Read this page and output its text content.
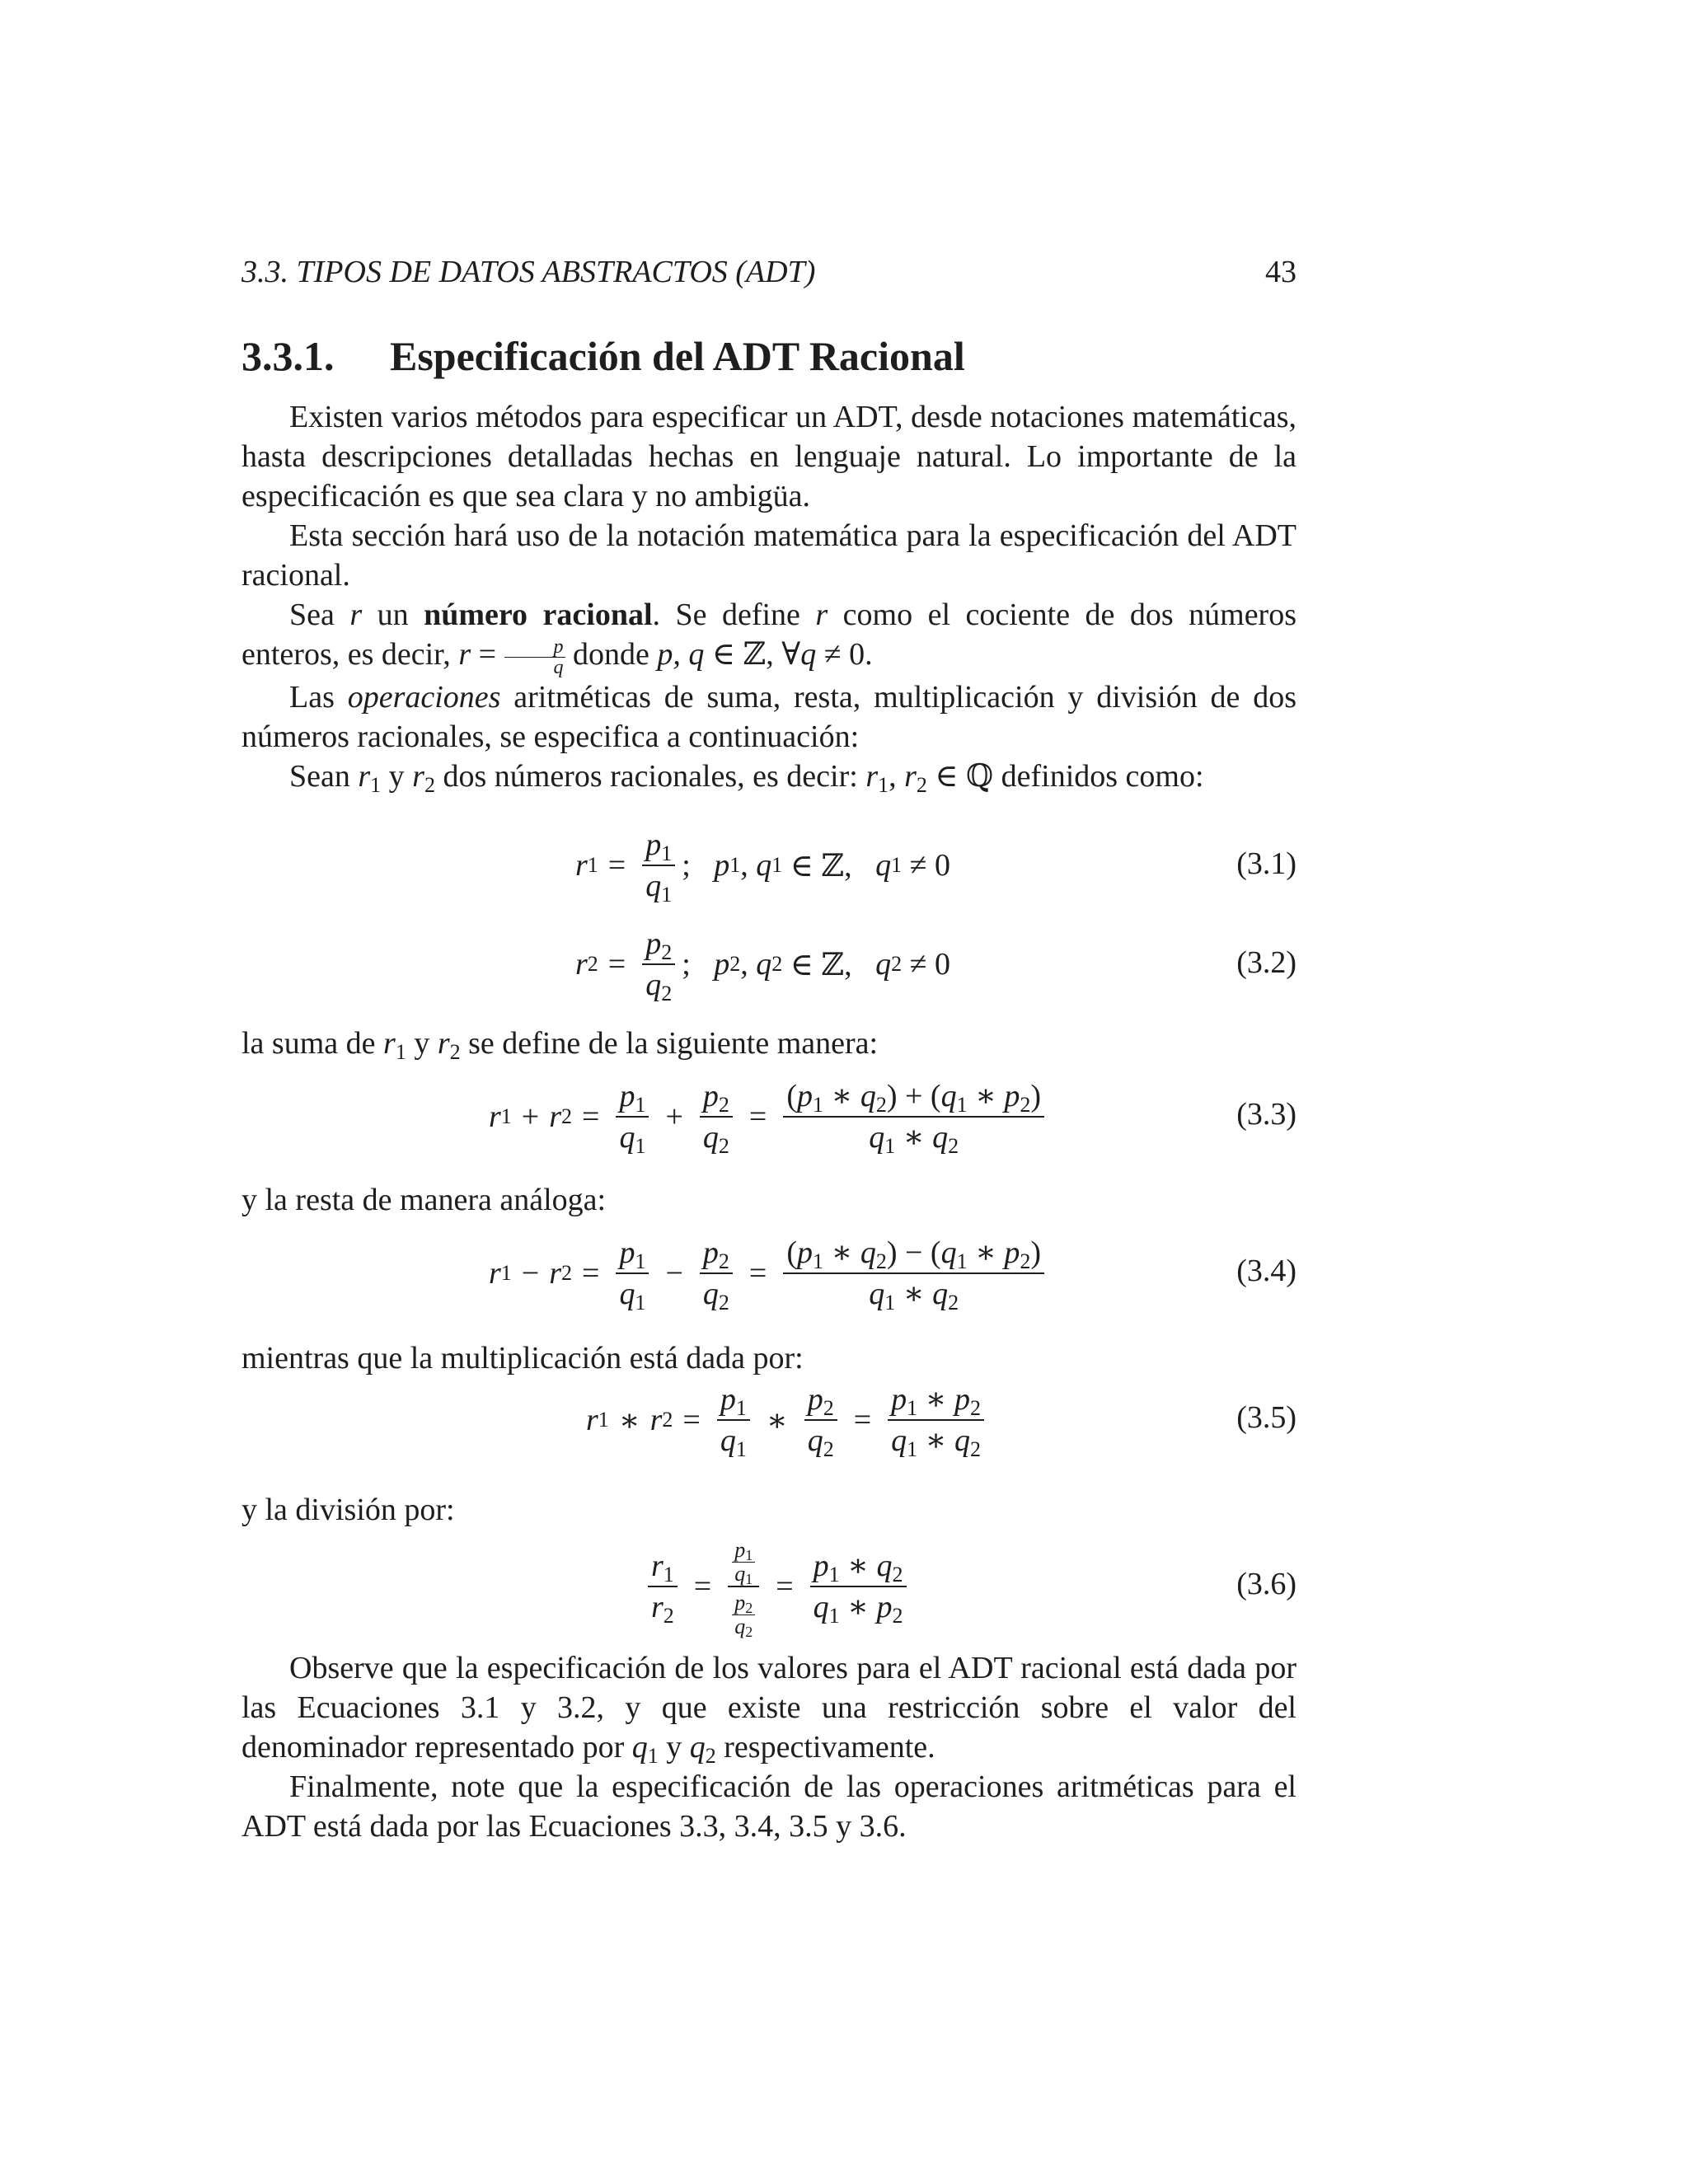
3.3. TIPOS DE DATOS ABSTRACTOS (ADT)	43
3.3.1. Especificación del ADT Racional

Existen varios métodos para especificar un ADT, desde notaciones matemáticas, hasta descripciones detalladas hechas en lenguaje natural. Lo importante de la especificación es que sea clara y no ambigüa.

Esta sección hará uso de la notación matemática para la especificación del ADT racional.

Sea r un número racional. Se define r como el cociente de dos números enteros, es decir, $r = \frac{p}{q}$ donde p, q ∈ ℤ, ∀q ≠ 0.

Las operaciones aritméticas de suma, resta, multiplicación y división de dos números racionales, se especifica a continuación:

Sean $r_1$ y $r_2$ dos números racionales, es decir: $r_1$, $r_2$ ∈ ℚ definidos como:

r $1 = \frac{p_1}{q_1}$ ; p 1 , q 1 ∈ ℤ, q 1 ≠ 0	(3.1)
r $2 = \frac{p_2}{q_2}$ ; p 2 , q 2 ∈ ℤ, q 2 ≠ 0	(3.2)

la suma de $r_1$ y $r_2$ se define de la siguiente manera:

r 1 + r $2 = \frac{p_1}{q_1} + \frac{p_2}{q_2} = \frac{(p_1 ∗ q_2) + (q_1 ∗ p_2)}{q_1 ∗ q_2}$	(3.3)

y la resta de manera análoga:

r 1 − r $2 = \frac{p_1}{q_1} - \frac{p_2}{q_2} = \frac{(p_1 ∗ q_2) - (q_1 ∗ p_2)}{q_1 ∗ q_2}$	(3.4)

mientras que la multiplicación está dada por:

r 1 ∗ r $2 = \frac{p_1}{q_1}$ ∗ $\frac{p_2}{q_2} = \frac{p_1 ∗ p_2}{q_1 ∗ q_2}$	(3.5)

y la división por:

$\frac{r_1}{r_2} = \frac{\frac{p_1}{q_1}}{\frac{p_2}{q_2}} = \frac{p_1 ∗ q_2}{q_1 ∗ p_2}$	(3.6)

Observe que la especificación de los valores para el ADT racional está dada por las Ecuaciones 3.1 y 3.2, y que existe una restricción sobre el valor del denominador representado por $q_1$ y $q_2$ respectivamente.

Finalmente, note que la especificación de las operaciones aritméticas para el ADT está dada por las Ecuaciones 3.3, 3.4, 3.5 y 3.6.
